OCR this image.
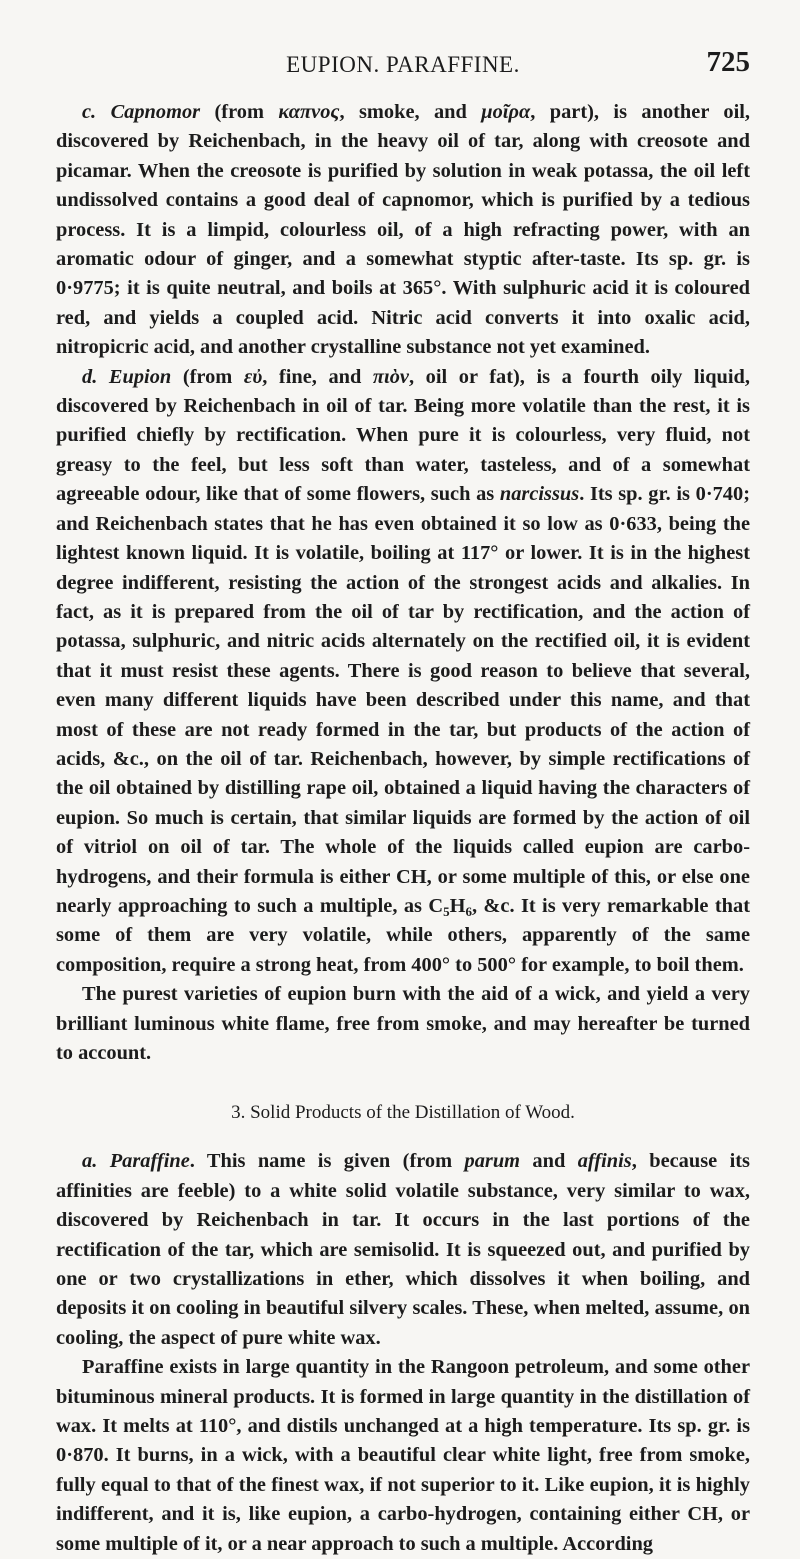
EUPION. PARAFFINE.	725

c. Capnomor (from καπνος, smoke, and μοῖρα, part), is another oil, discovered by Reichenbach, in the heavy oil of tar, along with creosote and picamar. When the creosote is purified by solution in weak potassa, the oil left undissolved contains a good deal of capnomor, which is purified by a tedious process. It is a limpid, colourless oil, of a high refracting power, with an aromatic odour of ginger, and a somewhat styptic after-taste. Its sp. gr. is 0·9775; it is quite neutral, and boils at 365°. With sulphuric acid it is coloured red, and yields a coupled acid. Nitric acid converts it into oxalic acid, nitropicric acid, and another crystalline substance not yet examined.

d. Eupion (from εὐ, fine, and πιὸν, oil or fat), is a fourth oily liquid, discovered by Reichenbach in oil of tar. Being more volatile than the rest, it is purified chiefly by rectification. When pure it is colourless, very fluid, not greasy to the feel, but less soft than water, tasteless, and of a somewhat agreeable odour, like that of some flowers, such as narcissus. Its sp. gr. is 0·740; and Reichenbach states that he has even obtained it so low as 0·633, being the lightest known liquid. It is volatile, boiling at 117° or lower. It is in the highest degree indifferent, resisting the action of the strongest acids and alkalies. In fact, as it is prepared from the oil of tar by rectification, and the action of potassa, sulphuric, and nitric acids alternately on the rectified oil, it is evident that it must resist these agents. There is good reason to believe that several, even many different liquids have been described under this name, and that most of these are not ready formed in the tar, but products of the action of acids, &c., on the oil of tar. Reichenbach, however, by simple rectifications of the oil obtained by distilling rape oil, obtained a liquid having the characters of eupion. So much is certain, that similar liquids are formed by the action of oil of vitriol on oil of tar. The whole of the liquids called eupion are carbo-hydrogens, and their formula is either CH, or some multiple of this, or else one nearly approaching to such a multiple, as $C_5H_6$, &c. It is very remarkable that some of them are very volatile, while others, apparently of the same composition, require a strong heat, from 400° to 500° for example, to boil them.

The purest varieties of eupion burn with the aid of a wick, and yield a very brilliant luminous white flame, free from smoke, and may hereafter be turned to account.

3. Solid Products of the Distillation of Wood.

a. Paraffine. This name is given (from parum and affinis, because its affinities are feeble) to a white solid volatile substance, very similar to wax, discovered by Reichenbach in tar. It occurs in the last portions of the rectification of the tar, which are semisolid. It is squeezed out, and purified by one or two crystallizations in ether, which dissolves it when boiling, and deposits it on cooling in beautiful silvery scales. These, when melted, assume, on cooling, the aspect of pure white wax.

Paraffine exists in large quantity in the Rangoon petroleum, and some other bituminous mineral products. It is formed in large quantity in the distillation of wax. It melts at 110°, and distils unchanged at a high temperature. Its sp. gr. is 0·870. It burns, in a wick, with a beautiful clear white light, free from smoke, fully equal to that of the finest wax, if not superior to it. Like eupion, it is highly indifferent, and it is, like eupion, a carbo-hydrogen, containing either CH, or some multiple of it, or a near approach to such a multiple. According
